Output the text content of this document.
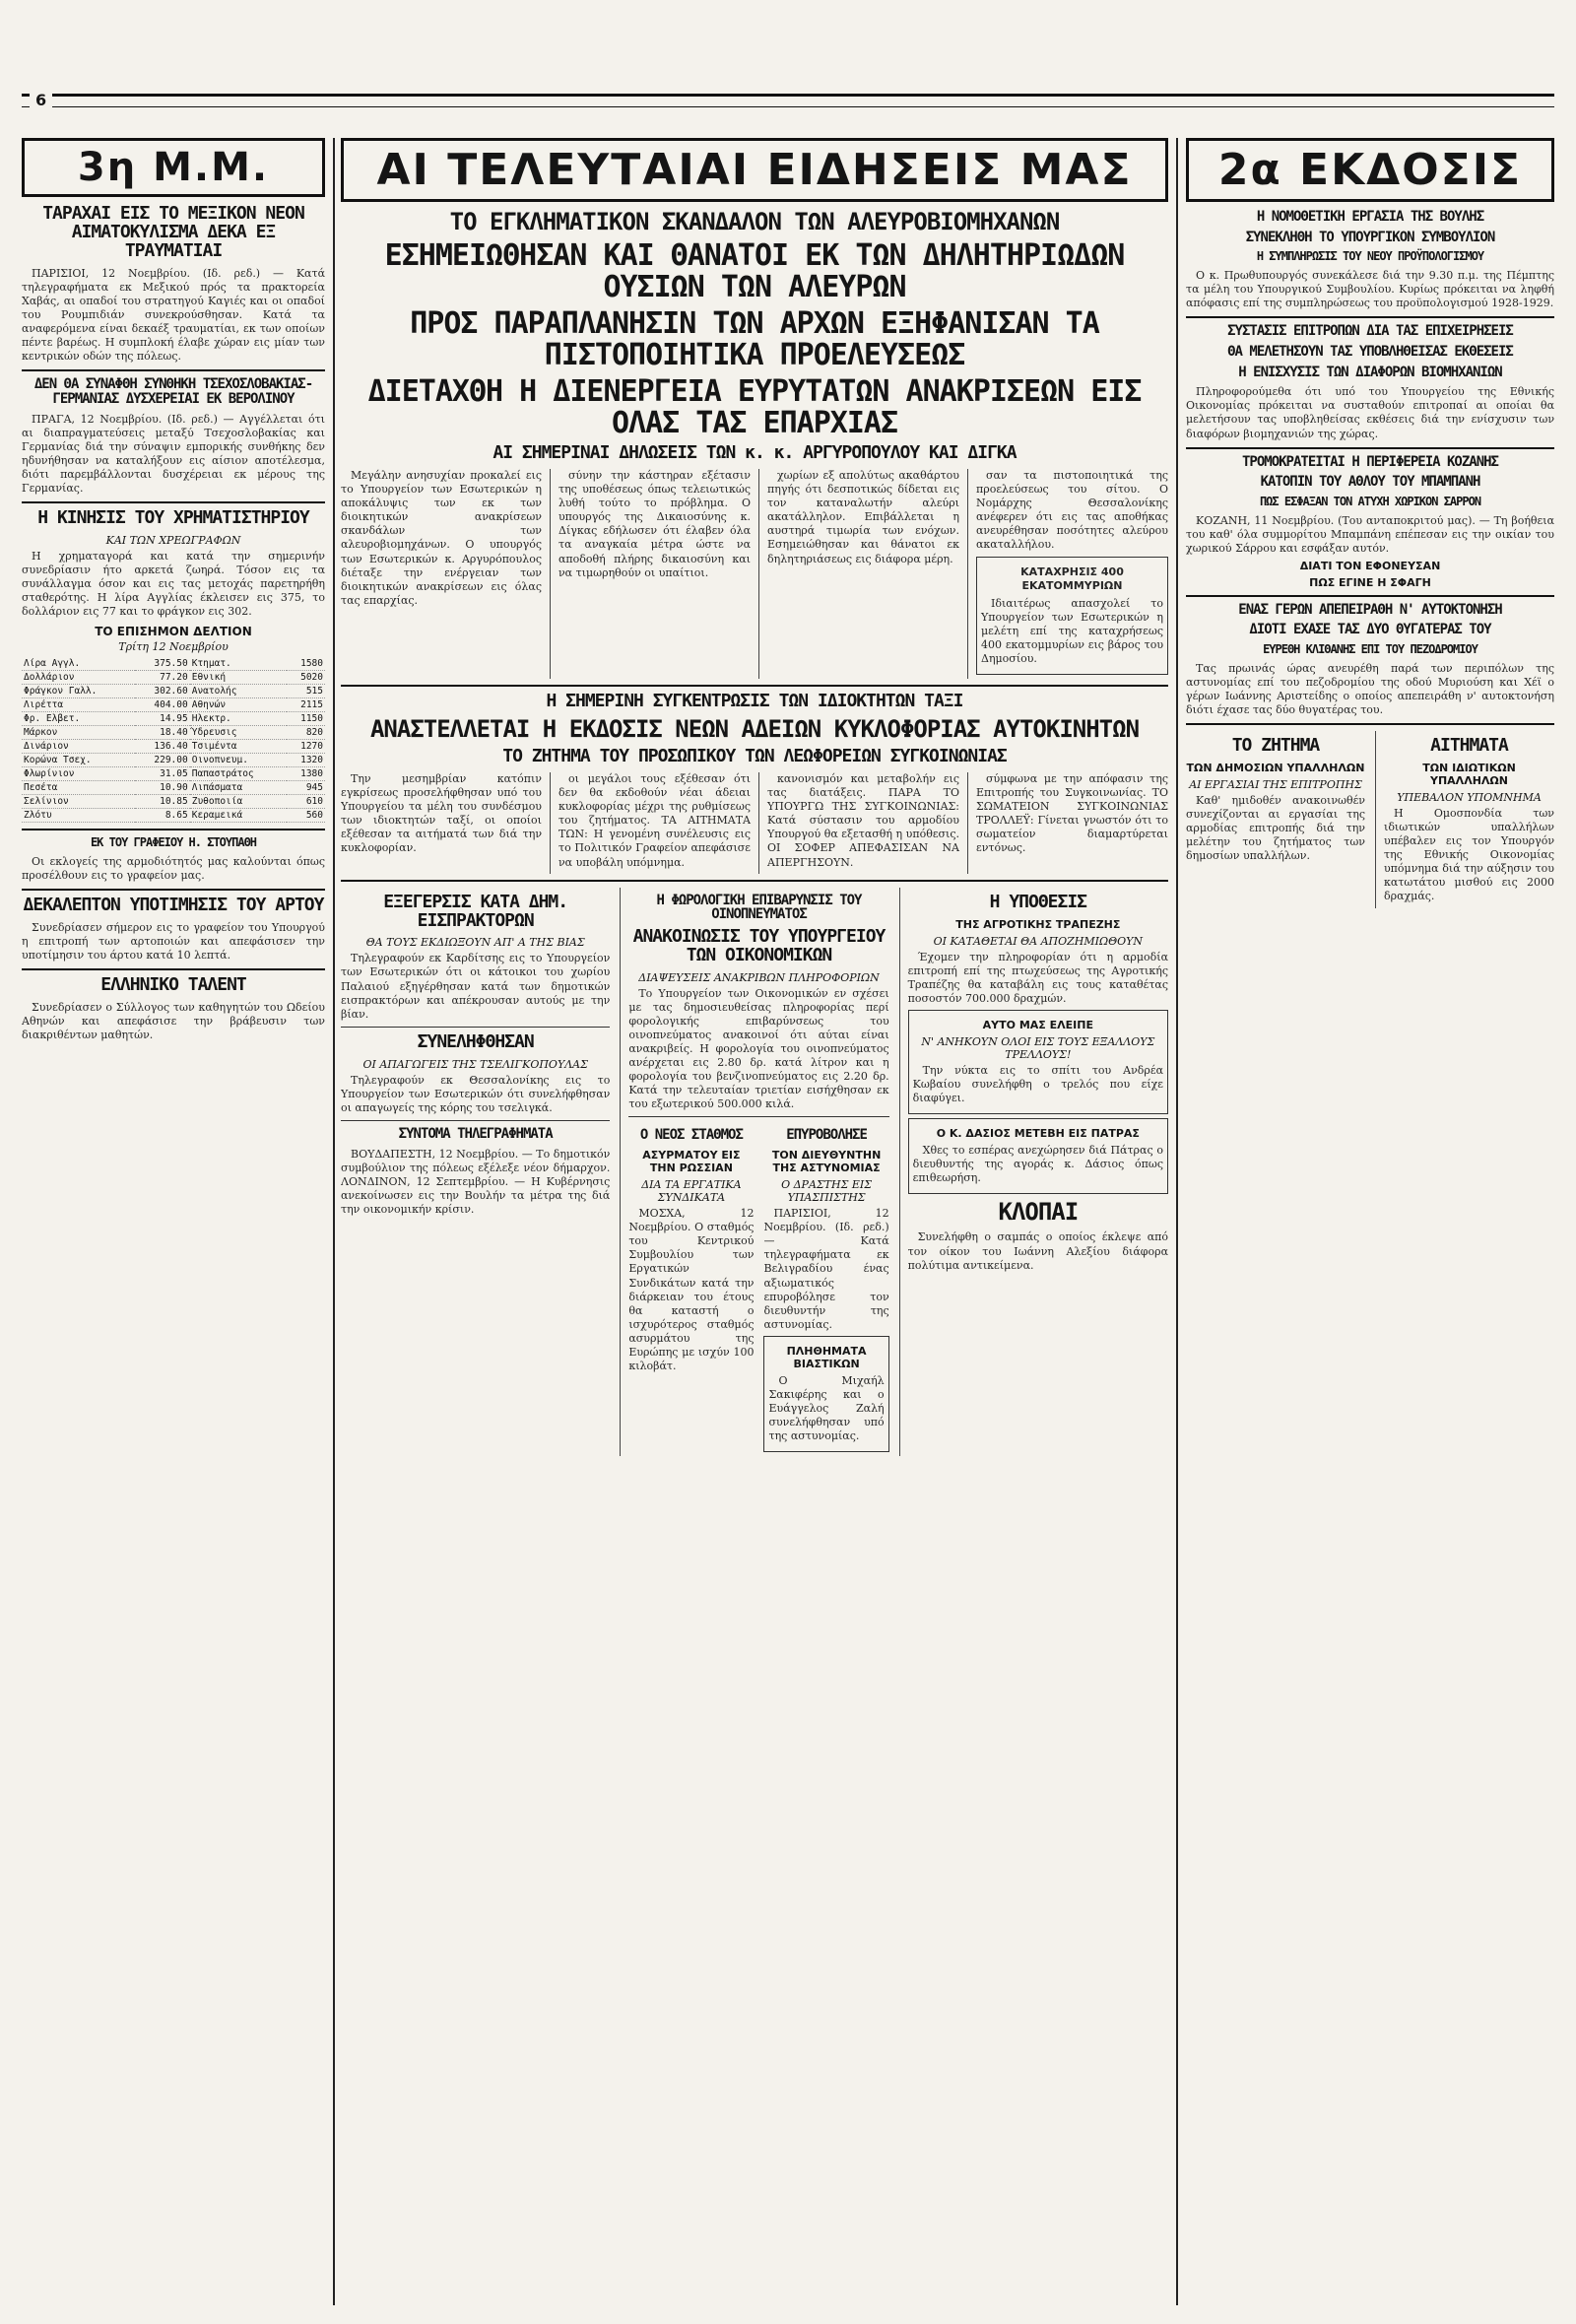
6
3η Μ.Μ.
ΤΑΡΑΧΑΙ ΕΙΣ ΤΟ ΜΕΞΙΚΟΝ ΝΕΟΝ ΑΙΜΑΤΟΚΥΛΙΣΜΑ ΔΕΚΑ ΕΞ ΤΡΑΥΜΑΤΙΑΙ

ΠΑΡΙΣΙΟΙ, 12 Νοεμβρίου. (Ιδ. ρεδ.) — Κατά τηλεγραφήματα εκ Μεξικού πρός τα πρακτορεία Χαβάς, αι οπαδοί του στρατηγού Καγιές και οι οπαδοί του Ρουμπιδιάν συνεκρούσθησαν. Κατά τα αναφερόμενα είναι δεκαέξ τραυματίαι, εκ των οποίων πέντε βαρέως. Η συμπλοκή έλαβε χώραν εις μίαν των κεντρικών οδών της πόλεως.

ΔΕΝ ΘΑ ΣΥΝΑΦΘΗ ΣΥΝΘΗΚΗ ΤΣΕΧΟΣΛΟΒΑΚΙΑΣ-ΓΕΡΜΑΝΙΑΣ ΔΥΣΧΕΡΕΙΑΙ ΕΚ ΒΕΡΟΛΙΝΟΥ

ΠΡΑΓΑ, 12 Νοεμβρίου. (Ιδ. ρεδ.) — Αγγέλλεται ότι αι διαπραγματεύσεις μεταξύ Τσεχοσλοβακίας και Γερμανίας διά την σύναψιν εμπορικής συνθήκης δεν ηδυνήθησαν να καταλήξουν εις αίσιον αποτέλεσμα, διότι παρεμβάλλονται δυσχέρειαι εκ μέρους της Γερμανίας.

Η ΚΙΝΗΣΙΣ ΤΟΥ ΧΡΗΜΑΤΙΣΤΗΡΙΟΥ
ΚΑΙ ΤΩΝ ΧΡΕΩΓΡΑΦΩΝ

Η χρηματαγορά και κατά την σημερινήν συνεδρίασιν ήτο αρκετά ζωηρά. Τόσον εις τα συνάλλαγμα όσον και εις τας μετοχάς παρετηρήθη σταθερότης. Η λίρα Αγγλίας έκλεισεν εις 375, το δολλάριον εις 77 και το φράγκον εις 302.

ΤΟ ΕΠΙΣΗΜΟΝ ΔΕΛΤΙΟΝ
Τρίτη 12 Νοεμβρίου
Λίρα Αγγλ.	375.50	Κτηματ.	1580
Δολλάριον	77.20	Εθνική	5020
Φράγκον Γαλλ.	302.60	Ανατολής	515
Λιρέττα	404.00	Αθηνών	2115
Φρ. Ελβετ.	14.95	Ηλεκτρ.	1150
Μάρκον	18.40	Ύδρευσις	820
Δινάριον	136.40	Τσιμέντα	1270
Κορώνα Τσεχ.	229.00	Οινοπνευμ.	1320
Φλωρίνιον	31.05	Παπαστράτος	1380
Πεσέτα	10.90	Λιπάσματα	945
Σελίνιον	10.85	Ζυθοποιία	610
Ζλότυ	8.65	Κεραμεικά	560
ΕΚ ΤΟΥ ΓΡΑΦΕΙΟΥ Η. ΣΤΟΥΠΑΘΗ

Οι εκλογείς της αρμοδιότητός μας καλούνται όπως προσέλθουν εις το γραφείον μας.

ΔΕΚΑΛΕΠΤΟΝ ΥΠΟΤΙΜΗΣΙΣ ΤΟΥ ΑΡΤΟΥ

Συνεδρίασεν σήμερον εις το γραφείον του Υπουργού η επιτροπή των αρτοποιών και απεφάσισεν την υποτίμησιν του άρτου κατά 10 λεπτά.

ΕΛΛΗΝΙΚΟ ΤΑΛΕΝΤ

Συνεδρίασεν ο Σύλλογος των καθηγητών του Ωδείου Αθηνών και απεφάσισε την βράβευσιν των διακριθέντων μαθητών.

ΑΙ ΤΕΛΕΥΤΑΙΑΙ ΕΙΔΗΣΕΙΣ ΜΑΣ
ΤΟ ΕΓΚΛΗΜΑΤΙΚΟΝ ΣΚΑΝΔΑΛΟΝ ΤΩΝ ΑΛΕΥΡΟΒΙΟΜΗΧΑΝΩΝ
ΕΣΗΜΕΙΩΘΗΣΑΝ ΚΑΙ ΘΑΝΑΤΟΙ ΕΚ ΤΩΝ ΔΗΛΗΤΗΡΙΩΔΩΝ ΟΥΣΙΩΝ ΤΩΝ ΑΛΕΥΡΩΝ
ΠΡΟΣ ΠΑΡΑΠΛΑΝΗΣΙΝ ΤΩΝ ΑΡΧΩΝ ΕΞΗΦΑΝΙΣΑΝ ΤΑ ΠΙΣΤΟΠΟΙΗΤΙΚΑ ΠΡΟΕΛΕΥΣΕΩΣ
ΔΙΕΤΑΧΘΗ Η ΔΙΕΝΕΡΓΕΙΑ ΕΥΡΥΤΑΤΩΝ ΑΝΑΚΡΙΣΕΩΝ ΕΙΣ ΟΛΑΣ ΤΑΣ ΕΠΑΡΧΙΑΣ
ΑΙ ΣΗΜΕΡΙΝΑΙ ΔΗΛΩΣΕΙΣ ΤΩΝ κ. κ. ΑΡΓΥΡΟΠΟΥΛΟΥ ΚΑΙ ΔΙΓΚΑ

Μεγάλην ανησυχίαν προκαλεί εις το Υπουργείον των Εσωτερικών η αποκάλυψις των εκ των διοικητικών ανακρίσεων σκανδάλων των αλευροβιομηχάνων. Ο υπουργός των Εσωτερικών κ. Αργυρόπουλος διέταξε την ενέργειαν των διοικητικών ανακρίσεων εις όλας τας επαρχίας.

σύνην την κάστηραν εξέτασιν της υποθέσεως όπως τελειωτικώς λυθή τούτο το πρόβλημα. Ο υπουργός της Δικαιοσύνης κ. Δίγκας εδήλωσεν ότι έλαβεν όλα τα αναγκαία μέτρα ώστε να αποδοθή πλήρης δικαιοσύνη και να τιμωρηθούν οι υπαίτιοι.

χωρίων εξ απολύτως ακαθάρτου πηγής ότι δεσποτικώς δίδεται εις τον καταναλωτήν αλεύρι ακατάλληλον. Επιβάλλεται η αυστηρά τιμωρία των ενόχων. Εσημειώθησαν και θάνατοι εκ δηλητηριάσεως εις διάφορα μέρη.

σαν τα πιστοποιητικά της προελεύσεως του σίτου. Ο Νομάρχης Θεσσαλονίκης ανέφερεν ότι εις τας αποθήκας ανευρέθησαν ποσότητες αλεύρου ακαταλλήλου.

ΚΑΤΑΧΡΗΣΙΣ 400 ΕΚΑΤΟΜΜΥΡΙΩΝ

Ιδιαιτέρως απασχολεί το Υπουργείον των Εσωτερικών η μελέτη επί της καταχρήσεως 400 εκατομμυρίων εις βάρος του Δημοσίου.

Η ΣΗΜΕΡΙΝΗ ΣΥΓΚΕΝΤΡΩΣΙΣ ΤΩΝ ΙΔΙΟΚΤΗΤΩΝ ΤΑΞΙ
ΑΝΑΣΤΕΛΛΕΤΑΙ Η ΕΚΔΟΣΙΣ ΝΕΩΝ ΑΔΕΙΩΝ ΚΥΚΛΟΦΟΡΙΑΣ ΑΥΤΟΚΙΝΗΤΩΝ
ΤΟ ΖΗΤΗΜΑ ΤΟΥ ΠΡΟΣΩΠΙΚΟΥ ΤΩΝ ΛΕΩΦΟΡΕΙΩΝ ΣΥΓΚΟΙΝΩΝΙΑΣ

Την μεσημβρίαν κατόπιν εγκρίσεως προσελήφθησαν υπό του Υπουργείου τα μέλη του συνδέσμου των ιδιοκτητών ταξί, οι οποίοι εξέθεσαν τα αιτήματά των διά την κυκλοφορίαν.

οι μεγάλοι τους εξέθεσαν ότι δεν θα εκδοθούν νέαι άδειαι κυκλοφορίας μέχρι της ρυθμίσεως του ζητήματος. ΤΑ ΑΙΤΗΜΑΤΑ ΤΩΝ: Η γενομένη συνέλευσις εις το Πολιτικόν Γραφείον απεφάσισε να υποβάλη υπόμνημα.

κανονισμόν και μεταβολήν εις τας διατάξεις. ΠΑΡΑ ΤΟ ΥΠΟΥΡΓΩ ΤΗΣ ΣΥΓΚΟΙΝΩΝΙΑΣ: Κατά σύστασιν του αρμοδίου Υπουργού θα εξετασθή η υπόθεσις. ΟΙ ΣΟΦΕΡ ΑΠΕΦΑΣΙΣΑΝ ΝΑ ΑΠΕΡΓΗΣΟΥΝ.

σύμφωνα με την απόφασιν της Επιτροπής του Συγκοινωνίας. ΤΟ ΣΩΜΑΤΕΙΟΝ ΣΥΓΚΟΙΝΩΝΙΑΣ ΤΡΟΛΛΕΫ: Γίνεται γνωστόν ότι το σωματείον διαμαρτύρεται εντόνως.

ΕΞΕΓΕΡΣΙΣ ΚΑΤΑ ΔΗΜ. ΕΙΣΠΡΑΚΤΟΡΩΝ
ΘΑ ΤΟΥΣ ΕΚΔΙΩΞΟΥΝ ΑΠ' Α ΤΗΣ ΒΙΑΣ

Τηλεγραφούν εκ Καρδίτσης εις το Υπουργείον των Εσωτερικών ότι οι κάτοικοι του χωρίου Παλαιού εξηγέρθησαν κατά των δημοτικών εισπρακτόρων και απέκρουσαν αυτούς με την βίαν.

ΣΥΝΕΛΗΦΘΗΣΑΝ
ΟΙ ΑΠΑΓΩΓΕΙΣ ΤΗΣ ΤΣΕΛΙΓΚΟΠΟΥΛΑΣ

Τηλεγραφούν εκ Θεσσαλονίκης εις το Υπουργείον των Εσωτερικών ότι συνελήφθησαν οι απαγωγείς της κόρης του τσελιγκά.

ΣΥΝΤΟΜΑ ΤΗΛΕΓΡΑΦΗΜΑΤΑ

ΒΟΥΔΑΠΕΣΤΗ, 12 Νοεμβρίου. — Το δημοτικόν συμβούλιον της πόλεως εξέλεξε νέον δήμαρχον. ΛΟΝΔΙΝΟΝ, 12 Σεπτεμβρίου. — Η Κυβέρνησις ανεκοίνωσεν εις την Βουλήν τα μέτρα της διά την οικονομικήν κρίσιν.

Η ΦΩΡΟΛΟΓΙΚΗ ΕΠΙΒΑΡΥΝΣΙΣ ΤΟΥ ΟΙΝΟΠΝΕΥΜΑΤΟΣ
ΑΝΑΚΟΙΝΩΣΙΣ ΤΟΥ ΥΠΟΥΡΓΕΙΟΥ ΤΩΝ ΟΙΚΟΝΟΜΙΚΩΝ
ΔΙΑΨΕΥΣΕΙΣ ΑΝΑΚΡΙΒΩΝ ΠΛΗΡΟΦΟΡΙΩΝ

Το Υπουργείον των Οικονομικών εν σχέσει με τας δημοσιευθείσας πληροφορίας περί φορολογικής επιβαρύνσεως του οινοπνεύματος ανακοινοί ότι αύται είναι ανακριβείς. Η φορολογία του οινοπνεύματος ανέρχεται εις 2.80 δρ. κατά λίτρον και η φορολογία του βενζινοπνεύματος εις 2.20 δρ. Κατά την τελευταίαν τριετίαν εισήχθησαν εκ του εξωτερικού 500.000 κιλά.

Ο ΝΕΟΣ ΣΤΑΘΜΟΣ
ΑΣΥΡΜΑΤΟΥ ΕΙΣ ΤΗΝ ΡΩΣΣΙΑΝ
ΔΙΑ ΤΑ ΕΡΓΑΤΙΚΑ ΣΥΝΔΙΚΑΤΑ

ΜΟΣΧΑ, 12 Νοεμβρίου. Ο σταθμός του Κεντρικού Συμβουλίου των Εργατικών Συνδικάτων κατά την διάρκειαν του έτους θα καταστή ο ισχυρότερος σταθμός ασυρμάτου της Ευρώπης με ισχύν 100 κιλοβάτ.

ΕΠΥΡΟΒΟΛΗΣΕ
ΤΟΝ ΔΙΕΥΘΥΝΤΗΝ ΤΗΣ ΑΣΤΥΝΟΜΙΑΣ
Ο ΔΡΑΣΤΗΣ ΕΙΣ ΥΠΑΣΠΙΣΤΗΣ

ΠΑΡΙΣΙΟΙ, 12 Νοεμβρίου. (Ιδ. ρεδ.) — Κατά τηλεγραφήματα εκ Βελιγραδίου ένας αξιωματικός επυροβόλησε τον διευθυντήν της αστυνομίας.

ΠΛΗΘΗΜΑΤΑ ΒΙΑΣΤΙΚΩΝ

Ο Μιχαήλ Σακιφέρης και ο Ευάγγελος Ζαλή συνελήφθησαν υπό της αστυνομίας.

Η ΥΠΟΘΕΣΙΣ
ΤΗΣ ΑΓΡΟΤΙΚΗΣ ΤΡΑΠΕΖΗΣ
ΟΙ ΚΑΤΑΘΕΤΑΙ ΘΑ ΑΠΟΖΗΜΙΩΘΟΥΝ

Έχομεν την πληροφορίαν ότι η αρμοδία επιτροπή επί της πτωχεύσεως της Αγροτικής Τραπέζης θα καταβάλη εις τους καταθέτας ποσοστόν 700.000 δραχμών.

ΑΥΤΟ ΜΑΣ ΕΛΕΙΠΕ
Ν' ΑΝΗΚΟΥΝ ΟΛΟΙ ΕΙΣ ΤΟΥΣ ΕΞΑΛΛΟΥΣ ΤΡΕΛΛΟΥΣ!

Την νύκτα εις το σπίτι του Ανδρέα Κωβαίου συνελήφθη ο τρελός που είχε διαφύγει.

Ο Κ. ΔΑΣΙΟΣ ΜΕΤΕΒΗ ΕΙΣ ΠΑΤΡΑΣ

Χθες το εσπέρας ανεχώρησεν διά Πάτρας ο διευθυντής της αγοράς κ. Δάσιος όπως επιθεωρήση.

ΚΛΟΠΑΙ

Συνελήφθη ο σαμπάς ο οποίος έκλεψε από τον οίκον του Ιωάννη Αλεξίου διάφορα πολύτιμα αντικείμενα.

2α ΕΚΔΟΣΙΣ
Η ΝΟΜΟΘΕΤΙΚΗ ΕΡΓΑΣΙΑ ΤΗΣ ΒΟΥΛΗΣ
ΣΥΝΕΚΛΗΘΗ ΤΟ ΥΠΟΥΡΓΙΚΟΝ ΣΥΜΒΟΥΛΙΟΝ
Η ΣΥΜΠΛΗΡΩΣΙΣ ΤΟΥ ΝΕΟΥ ΠΡΟΫΠΟΛΟΓΙΣΜΟΥ

Ο κ. Πρωθυπουργός συνεκάλεσε διά την 9.30 π.μ. της Πέμπτης τα μέλη του Υπουργικού Συμβουλίου. Κυρίως πρόκειται να ληφθή απόφασις επί της συμπληρώσεως του προϋπολογισμού 1928-1929.

ΣΥΣΤΑΣΙΣ ΕΠΙΤΡΟΠΩΝ ΔΙΑ ΤΑΣ ΕΠΙΧΕΙΡΗΣΕΙΣ
ΘΑ ΜΕΛΕΤΗΣΟΥΝ ΤΑΣ ΥΠΟΒΛΗΘΕΙΣΑΣ ΕΚΘΕΣΕΙΣ
Η ΕΝΙΣΧΥΣΙΣ ΤΩΝ ΔΙΑΦΟΡΩΝ ΒΙΟΜΗΧΑΝΙΩΝ

Πληροφορούμεθα ότι υπό του Υπουργείου της Εθνικής Οικονομίας πρόκειται να συσταθούν επιτροπαί αι οποίαι θα μελετήσουν τας υποβληθείσας εκθέσεις διά την ενίσχυσιν των διαφόρων βιομηχανιών της χώρας.

ΤΡΟΜΟΚΡΑΤΕΙΤΑΙ Η ΠΕΡΙΦΕΡΕΙΑ ΚΟΖΑΝΗΣ
ΚΑΤΟΠΙΝ ΤΟΥ ΑΘΛΟΥ ΤΟΥ ΜΠΑΜΠΑΝΗ
ΠΩΣ ΕΣΦΑΞΑΝ ΤΟΝ ΑΤΥΧΗ ΧΩΡΙΚΟΝ ΣΑΡΡΟΝ

ΚΟΖΑΝΗ, 11 Νοεμβρίου. (Του ανταποκριτού μας). — Τη βοήθεια του καθ' όλα συμμορίτου Μπαμπάνη επέπεσαν εις την οικίαν του χωρικού Σάρρου και εσφάξαν αυτόν.

ΔΙΑΤΙ ΤΟΝ ΕΦΟΝΕΥΣΑΝ
ΠΩΣ ΕΓΙΝΕ Η ΣΦΑΓΗ
ΕΝΑΣ ΓΕΡΩΝ ΑΠΕΠΕΙΡΑΘΗ Ν' ΑΥΤΟΚΤΟΝΗΣΗ
ΔΙΟΤΙ ΕΧΑΣΕ ΤΑΣ ΔΥΟ ΘΥΓΑΤΕΡΑΣ ΤΟΥ
ΕΥΡΕΘΗ ΚΛΙΘΑΝΗΣ ΕΠΙ ΤΟΥ ΠΕΖΟΔΡΟΜΙΟΥ

Τας πρωινάς ώρας ανευρέθη παρά των περιπόλων της αστυνομίας επί του πεζοδρομίου της οδού Μυριούση και Χέϊ ο γέρων Ιωάννης Αριστείδης ο οποίος απεπειράθη ν' αυτοκτονήση διότι έχασε τας δύο θυγατέρας του.

ΤΟ ΖΗΤΗΜΑ
ΤΩΝ ΔΗΜΟΣΙΩΝ ΥΠΑΛΛΗΛΩΝ
ΑΙ ΕΡΓΑΣΙΑΙ ΤΗΣ ΕΠΙΤΡΟΠΗΣ

Καθ' ημιδοθέν ανακοινωθέν συνεχίζονται αι εργασίαι της αρμοδίας επιτροπής διά την μελέτην του ζητήματος των δημοσίων υπαλλήλων.

ΑΙΤΗΜΑΤΑ
ΤΩΝ ΙΔΙΩΤΙΚΩΝ ΥΠΑΛΛΗΛΩΝ
ΥΠΕΒΑΛΟΝ ΥΠΟΜΝΗΜΑ

Η Ομοσπονδία των ιδιωτικών υπαλλήλων υπέβαλεν εις τον Υπουργόν της Εθνικής Οικονομίας υπόμνημα διά την αύξησιν του κατωτάτου μισθού εις 2000 δραχμάς.
